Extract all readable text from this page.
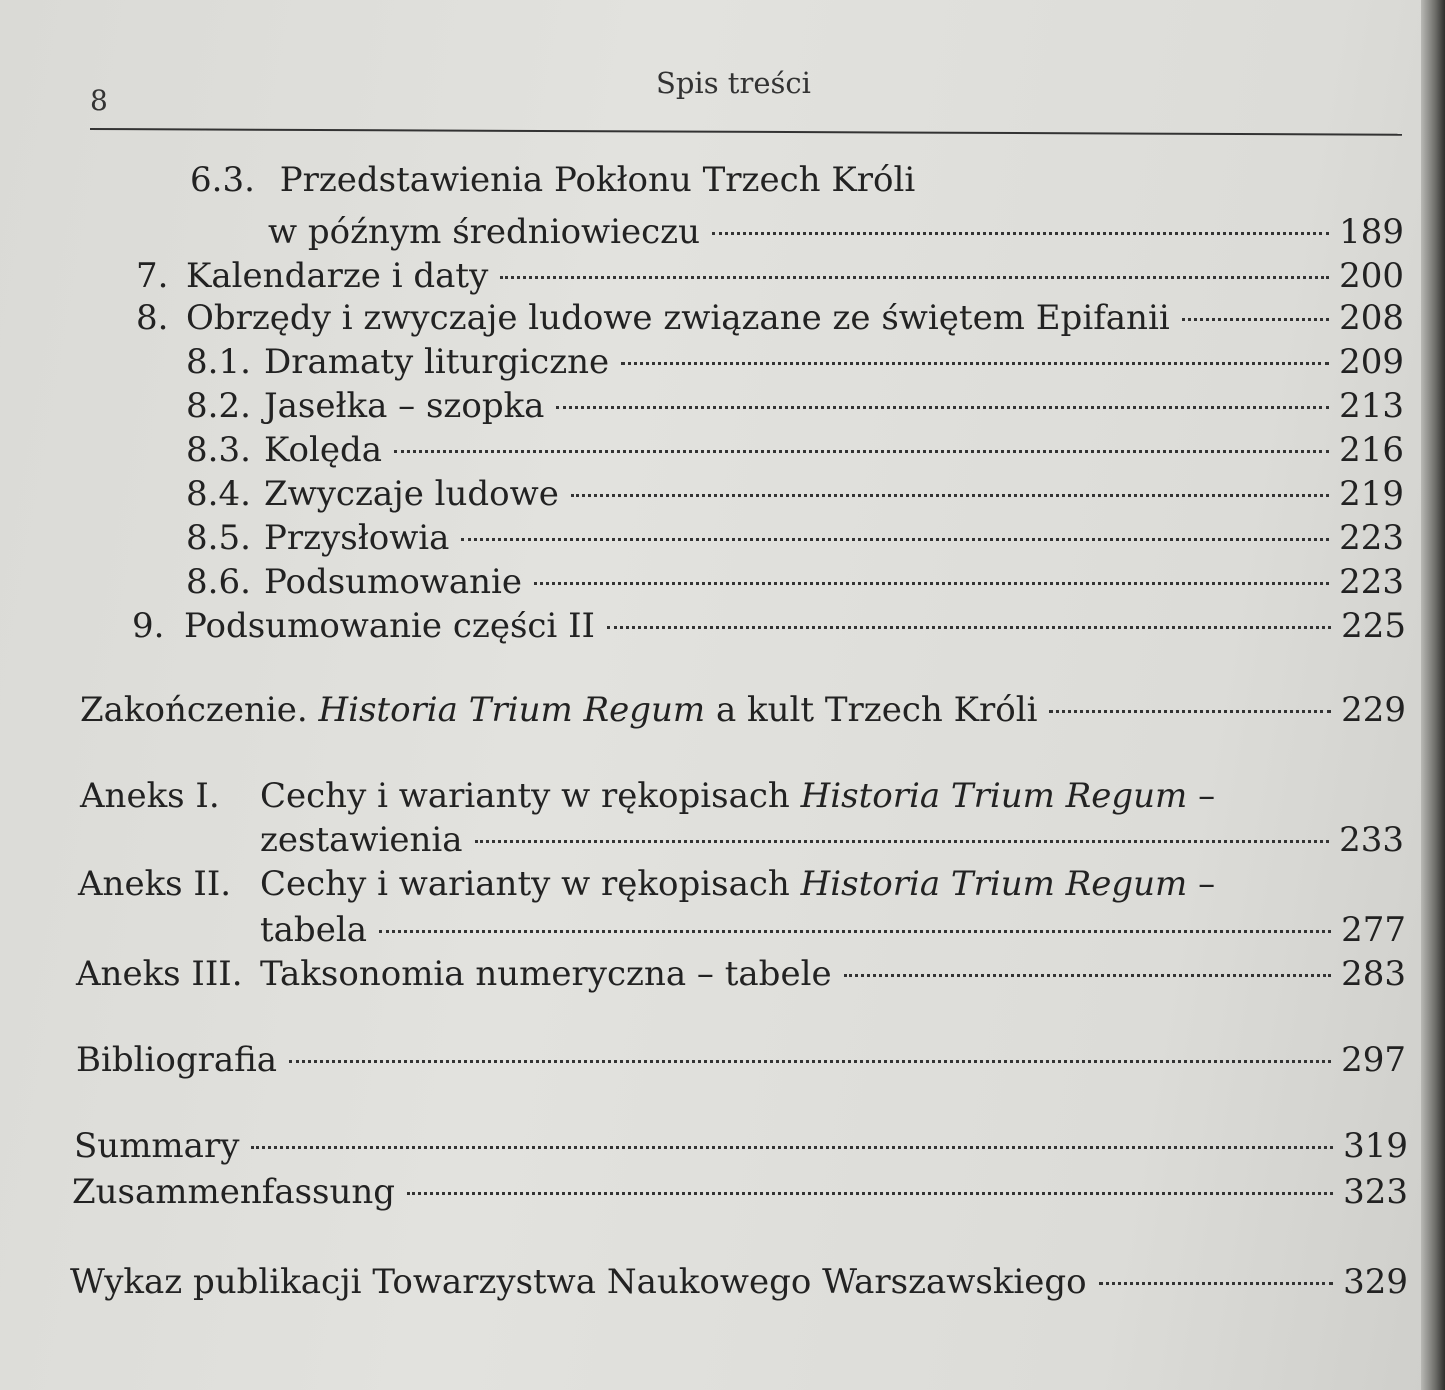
8
Spis treści
6.3. Przedstawienia Pokłonu Trzech Króli
w późnym średniowieczu	189
7. Kalendarze i daty	200
8. Obrzędy i zwyczaje ludowe związane ze świętem Epifanii	208
8.1. Dramaty liturgiczne	209
8.2. Jasełka – szopka	213
8.3. Kolęda	216
8.4. Zwyczaje ludowe	219
8.5. Przysłowia	223
8.6. Podsumowanie	223
9. Podsumowanie części II	225
Zakończenie. Historia Trium Regum a kult Trzech Króli	229
Aneks I. Cechy i warianty w rękopisach Historia Trium Regum –
zestawienia	233
Aneks II. Cechy i warianty w rękopisach Historia Trium Regum –
tabela	277
Aneks III. Taksonomia numeryczna – tabele	283
Bibliografia	297
Summary	319
Zusammenfassung	323
Wykaz publikacji Towarzystwa Naukowego Warszawskiego	329
